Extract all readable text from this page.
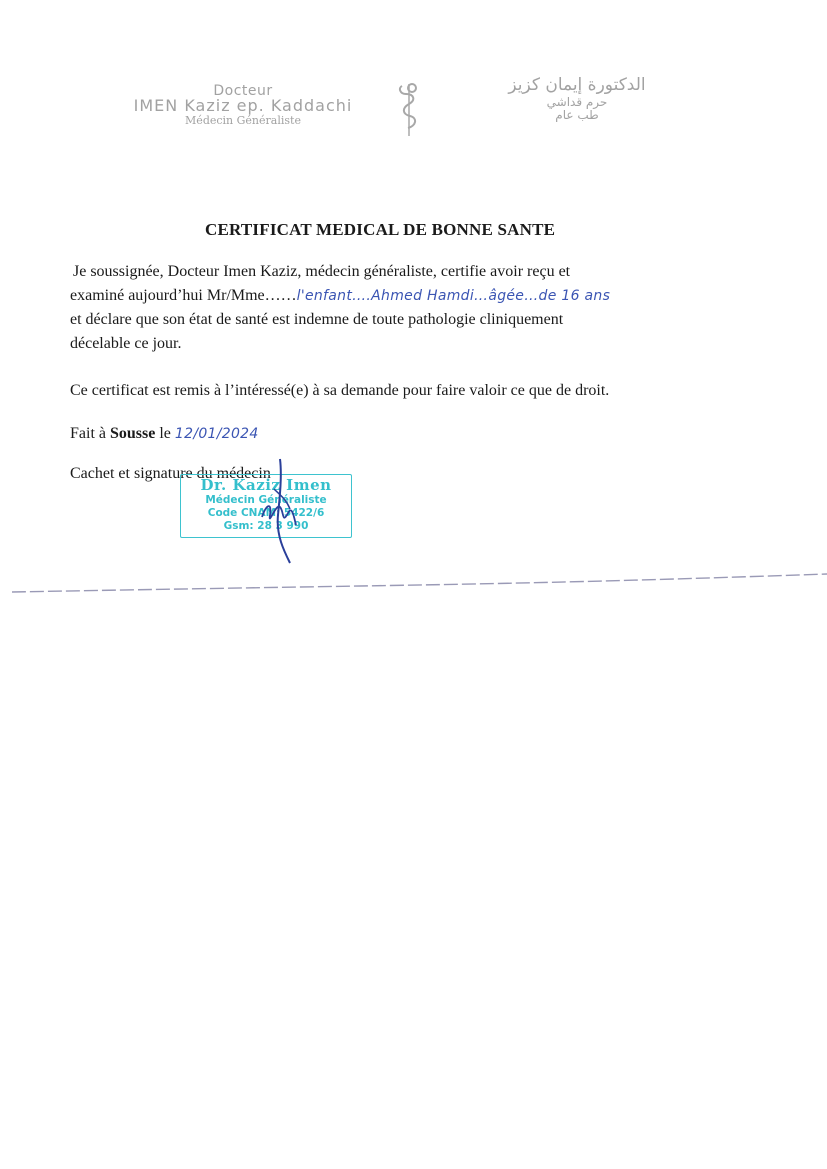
Docteur
IMEN Kaziz ep. Kaddachi
Médecin Généraliste
الدكتورة إيمان كزيز
حرم قداشي
طب عام
CERTIFICAT MEDICAL DE BONNE SANTE
Je soussignée, Docteur Imen Kaziz, médecin généraliste, certifie avoir reçu et
examiné aujourd’hui Mr/Mme……l'enfant….Ahmed Hamdi…âgée…de 16 ans
et déclare que son état de santé est indemne de toute pathologie cliniquement
décelable ce jour.
Ce certificat est remis à l’intéressé(e) à sa demande pour faire valoir ce que de droit.
Fait à Sousse le 12/01/2024
Cachet et signature du médecin
Dr. Kaziz Imen
Médecin Généraliste
Code CNAM: 5422/6
Gsm: 28 3 990
